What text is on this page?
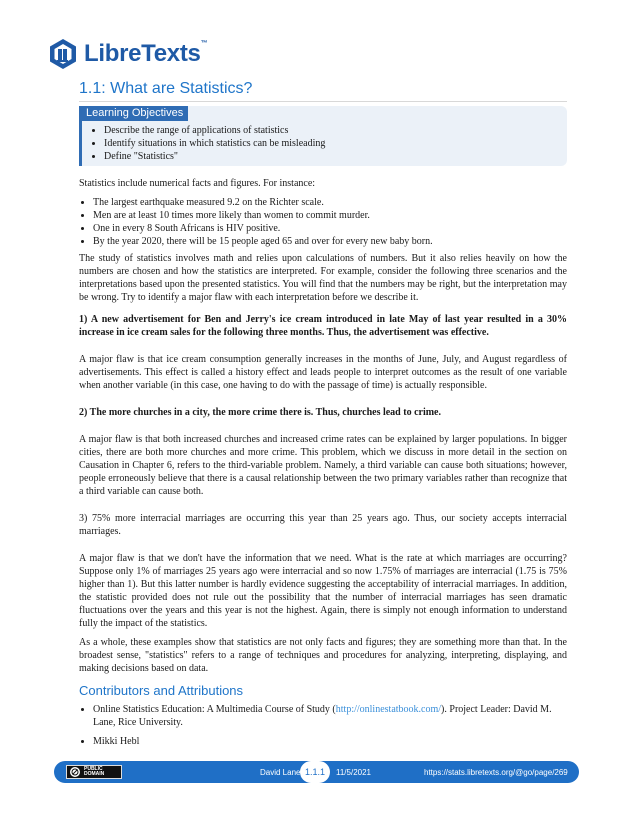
LibreTexts™
1.1: What are Statistics?
Learning Objectives
• Describe the range of applications of statistics
• Identify situations in which statistics can be misleading
• Define "Statistics"

Statistics include numerical facts and figures. For instance:

• The largest earthquake measured 9.2 on the Richter scale.
• Men are at least 10 times more likely than women to commit murder.
• One in every 8 South Africans is HIV positive.
• By the year 2020, there will be 15 people aged 65 and over for every new baby born.

The study of statistics involves math and relies upon calculations of numbers. But it also relies heavily on how the numbers are chosen and how the statistics are interpreted. For example, consider the following three scenarios and the interpretations based upon the presented statistics. You will find that the numbers may be right, but the interpretation may be wrong. Try to identify a major flaw with each interpretation before we describe it.

1) A new advertisement for Ben and Jerry's ice cream introduced in late May of last year resulted in a 30% increase in ice cream sales for the following three months. Thus, the advertisement was effective.

A major flaw is that ice cream consumption generally increases in the months of June, July, and August regardless of advertisements. This effect is called a history effect and leads people to interpret outcomes as the result of one variable when another variable (in this case, one having to do with the passage of time) is actually responsible.

2) The more churches in a city, the more crime there is. Thus, churches lead to crime.

A major flaw is that both increased churches and increased crime rates can be explained by larger populations. In bigger cities, there are both more churches and more crime. This problem, which we discuss in more detail in the section on Causation in Chapter 6, refers to the third-variable problem. Namely, a third variable can cause both situations; however, people erroneously believe that there is a causal relationship between the two primary variables rather than recognize that a third variable can cause both.

3) 75% more interracial marriages are occurring this year than 25 years ago. Thus, our society accepts interracial marriages.

A major flaw is that we don't have the information that we need. What is the rate at which marriages are occurring? Suppose only 1% of marriages 25 years ago were interracial and so now 1.75% of marriages are interracial (1.75 is 75% higher than 1). But this latter number is hardly evidence suggesting the acceptability of interracial marriages. In addition, the statistic provided does not rule out the possibility that the number of interracial marriages has seen dramatic fluctuations over the years and this year is not the highest. Again, there is simply not enough information to understand fully the impact of the statistics.

As a whole, these examples show that statistics are not only facts and figures; they are something more than that. In the broadest sense, "statistics" refers to a range of techniques and procedures for analyzing, interpreting, displaying, and making decisions based on data.

Contributors and Attributions
• Online Statistics Education: A Multimedia Course of Study (http://onlinestatbook.com/). Project Leader: David M. Lane, Rice University.
• Mikki Hebl
PUBLIC
DOMAIN	David Lane 1.1.1	11/5/2021	https://stats.libretexts.org/@go/page/269
